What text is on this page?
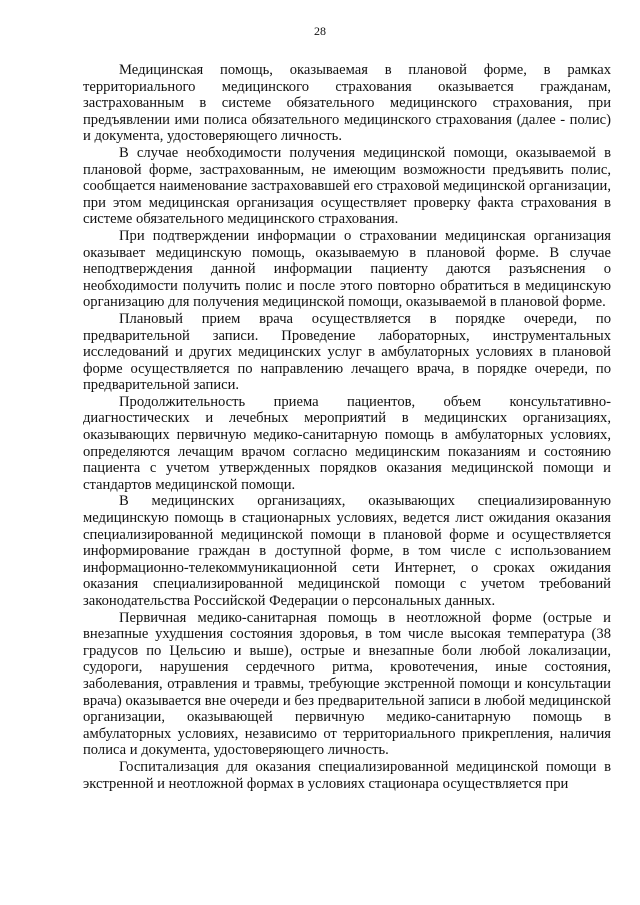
28

Медицинская помощь, оказываемая в плановой форме, в рамках территориального медицинского страхования оказывается гражданам, застрахованным в системе обязательного медицинского страхования, при предъявлении ими полиса обязательного медицинского страхования (далее - полис) и документа, удостоверяющего личность.

В случае необходимости получения медицинской помощи, оказываемой в плановой форме, застрахованным, не имеющим возможности предъявить полис, сообщается наименование застраховавшей его страховой медицинской организации, при этом медицинская организация осуществляет проверку факта страхования в системе обязательного медицинского страхования.

При подтверждении информации о страховании медицинская организация оказывает медицинскую помощь, оказываемую в плановой форме. В случае неподтверждения данной информации пациенту даются разъяснения о необходимости получить полис и после этого повторно обратиться в медицинскую организацию для получения медицинской помощи, оказываемой в плановой форме.

Плановый прием врача осуществляется в порядке очереди, по предварительной записи. Проведение лабораторных, инструментальных исследований и других медицинских услуг в амбулаторных условиях в плановой форме осуществляется по направлению лечащего врача, в порядке очереди, по предварительной записи.

Продолжительность приема пациентов, объем консультативно-диагностических и лечебных мероприятий в медицинских организациях, оказывающих первичную медико-санитарную помощь в амбулаторных условиях, определяются лечащим врачом согласно медицинским показаниям и состоянию пациента с учетом утвержденных порядков оказания медицинской помощи и стандартов медицинской помощи.

В медицинских организациях, оказывающих специализированную медицинскую помощь в стационарных условиях, ведется лист ожидания оказания специализированной медицинской помощи в плановой форме и осуществляется информирование граждан в доступной форме, в том числе с использованием информационно-телекоммуникационной сети Интернет, о сроках ожидания оказания специализированной медицинской помощи с учетом требований законодательства Российской Федерации о персональных данных.

Первичная медико-санитарная помощь в неотложной форме (острые и внезапные ухудшения состояния здоровья, в том числе высокая температура (38 градусов по Цельсию и выше), острые и внезапные боли любой локализации, судороги, нарушения сердечного ритма, кровотечения, иные состояния, заболевания, отравления и травмы, требующие экстренной помощи и консультации врача) оказывается вне очереди и без предварительной записи в любой медицинской организации, оказывающей первичную медико-санитарную помощь в амбулаторных условиях, независимо от территориального прикрепления, наличия полиса и документа, удостоверяющего личность.

Госпитализация для оказания специализированной медицинской помощи в экстренной и неотложной формах в условиях стационара осуществляется при
